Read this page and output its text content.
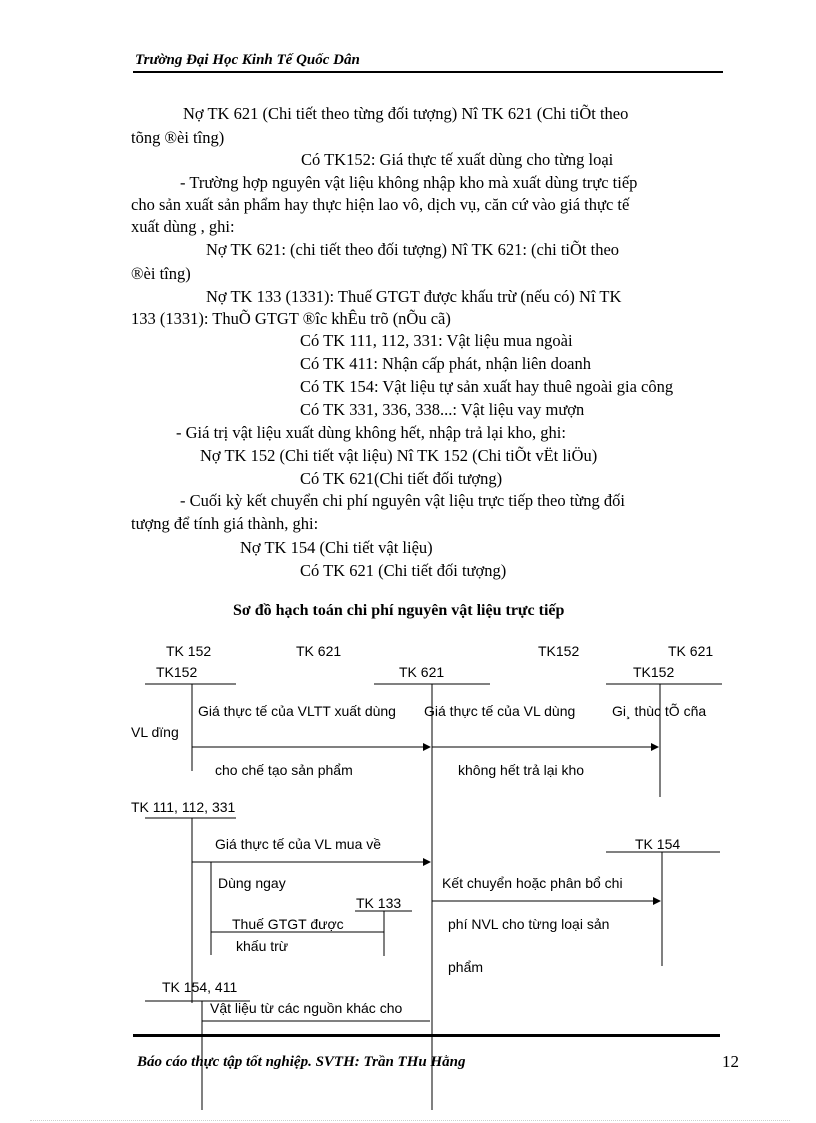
Trường Đại Học Kinh Tế Quốc Dân
Nợ TK 621 (Chi tiết theo từng đối tượng) Nî TK 621 (Chi tiÕt theo
tõng ®èi tîng)
Có TK152: Giá thực tế xuất dùng cho từng loại
- Trường hợp nguyên vật liệu không nhập kho mà xuất dùng trực tiếp
cho sản xuất sản phẩm hay thực hiện lao vô, dịch vụ, căn cứ vào giá thực tế
xuất dùng , ghi:
Nợ TK 621: (chi tiết theo đối tượng) Nî TK 621: (chi tiÕt theo
®èi tîng)
Nợ TK 133 (1331): Thuế GTGT được khấu trừ (nếu có) Nî TK
133 (1331): ThuÕ GTGT ®îc khÊu trõ (nÕu cã)
Có TK 111, 112, 331: Vật liệu mua ngoài
Có TK 411: Nhận cấp phát, nhận liên doanh
Có TK 154: Vật liệu tự sản xuất hay thuê ngoài gia công
Có TK 331, 336, 338...: Vật liệu vay mượn
- Giá trị vật liệu xuất dùng không hết, nhập trả lại kho, ghi:
Nợ TK 152 (Chi tiết vật liệu) Nî TK 152 (Chi tiÕt vËt liÖu)
Có TK 621(Chi tiết đối tượng)
- Cuối kỳ kết chuyển chi phí nguyên vật liệu trực tiếp theo từng đối
tượng để tính giá thành, ghi:
Nợ TK 154 (Chi tiết vật liệu)
Có TK 621 (Chi tiết đối tượng)
Sơ đồ hạch toán chi phí nguyên vật liệu trực tiếp
TK 152	TK 621	TK152	TK 621
TK 621
TK152	TK152
Giá thực tế của VLTT xuất dùng Giá thực tế của VL dùng	Gi¸ thùc tÕ cña
VL dïng
cho chế tạo sản phẩm	không hết trả lại kho
TK 111, 112, 331
Giá thực tế của VL mua về	TK 154
Dùng ngay	Kết chuyển hoặc phân bổ chi
TK 133
Thuế GTGT được	phí NVL cho từng loại sản
khấu trừ
phẩm
TK 154, 411
Vật liệu từ các nguồn khác cho
Báo cáo thực tập tốt nghiệp. SVTH: Trần THu Hằng	12
